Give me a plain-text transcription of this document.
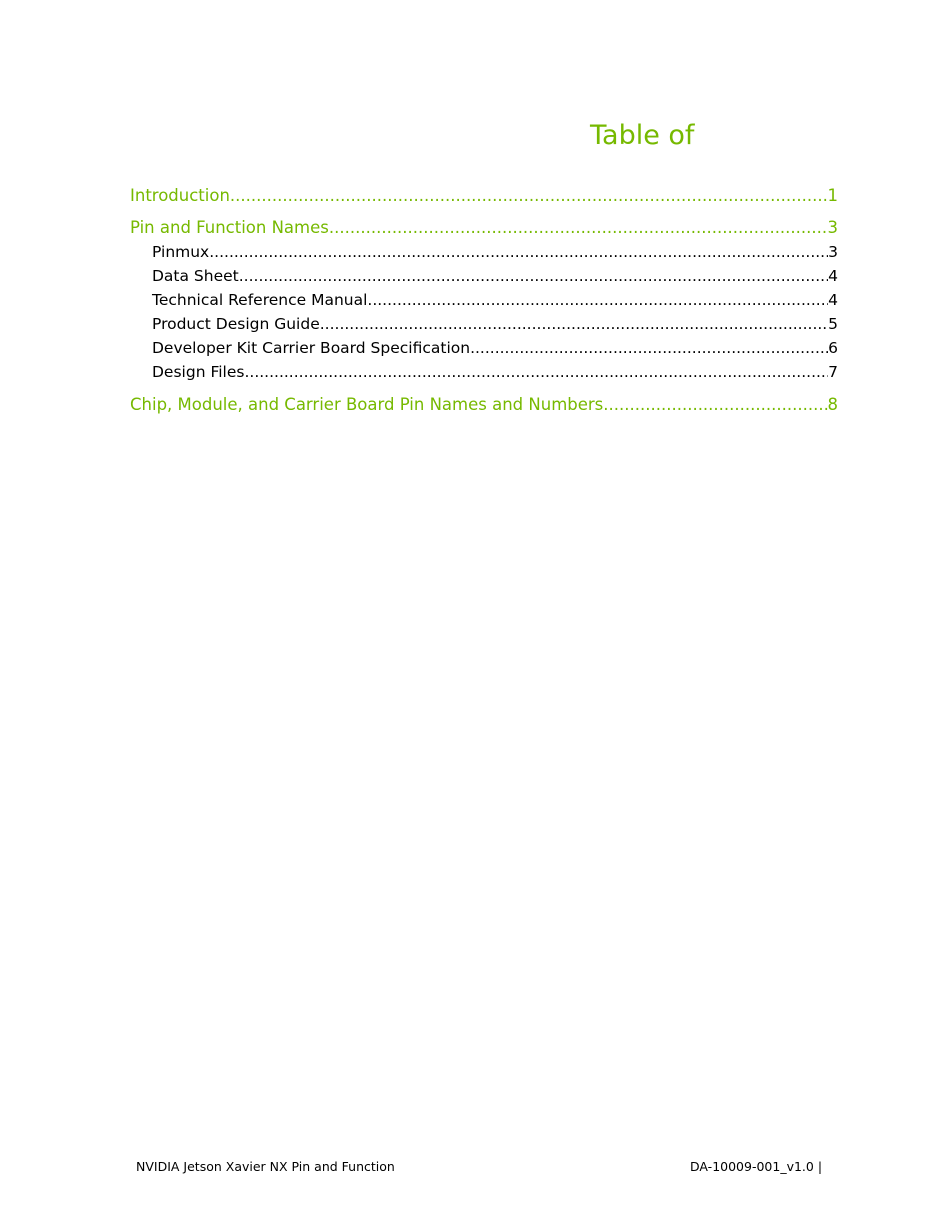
Table of
Introduction .....	1
Pin and Function Names .....	3
Pinmux .....	3
Data Sheet .....	4
Technical Reference Manual .....	4
Product Design Guide .....	5
Developer Kit Carrier Board Specification .....	6
Design Files .....	7
Chip, Module, and Carrier Board Pin Names and Numbers .....	8
NVIDIA Jetson Xavier NX Pin and Function	DA-10009-001_v1.0 |
